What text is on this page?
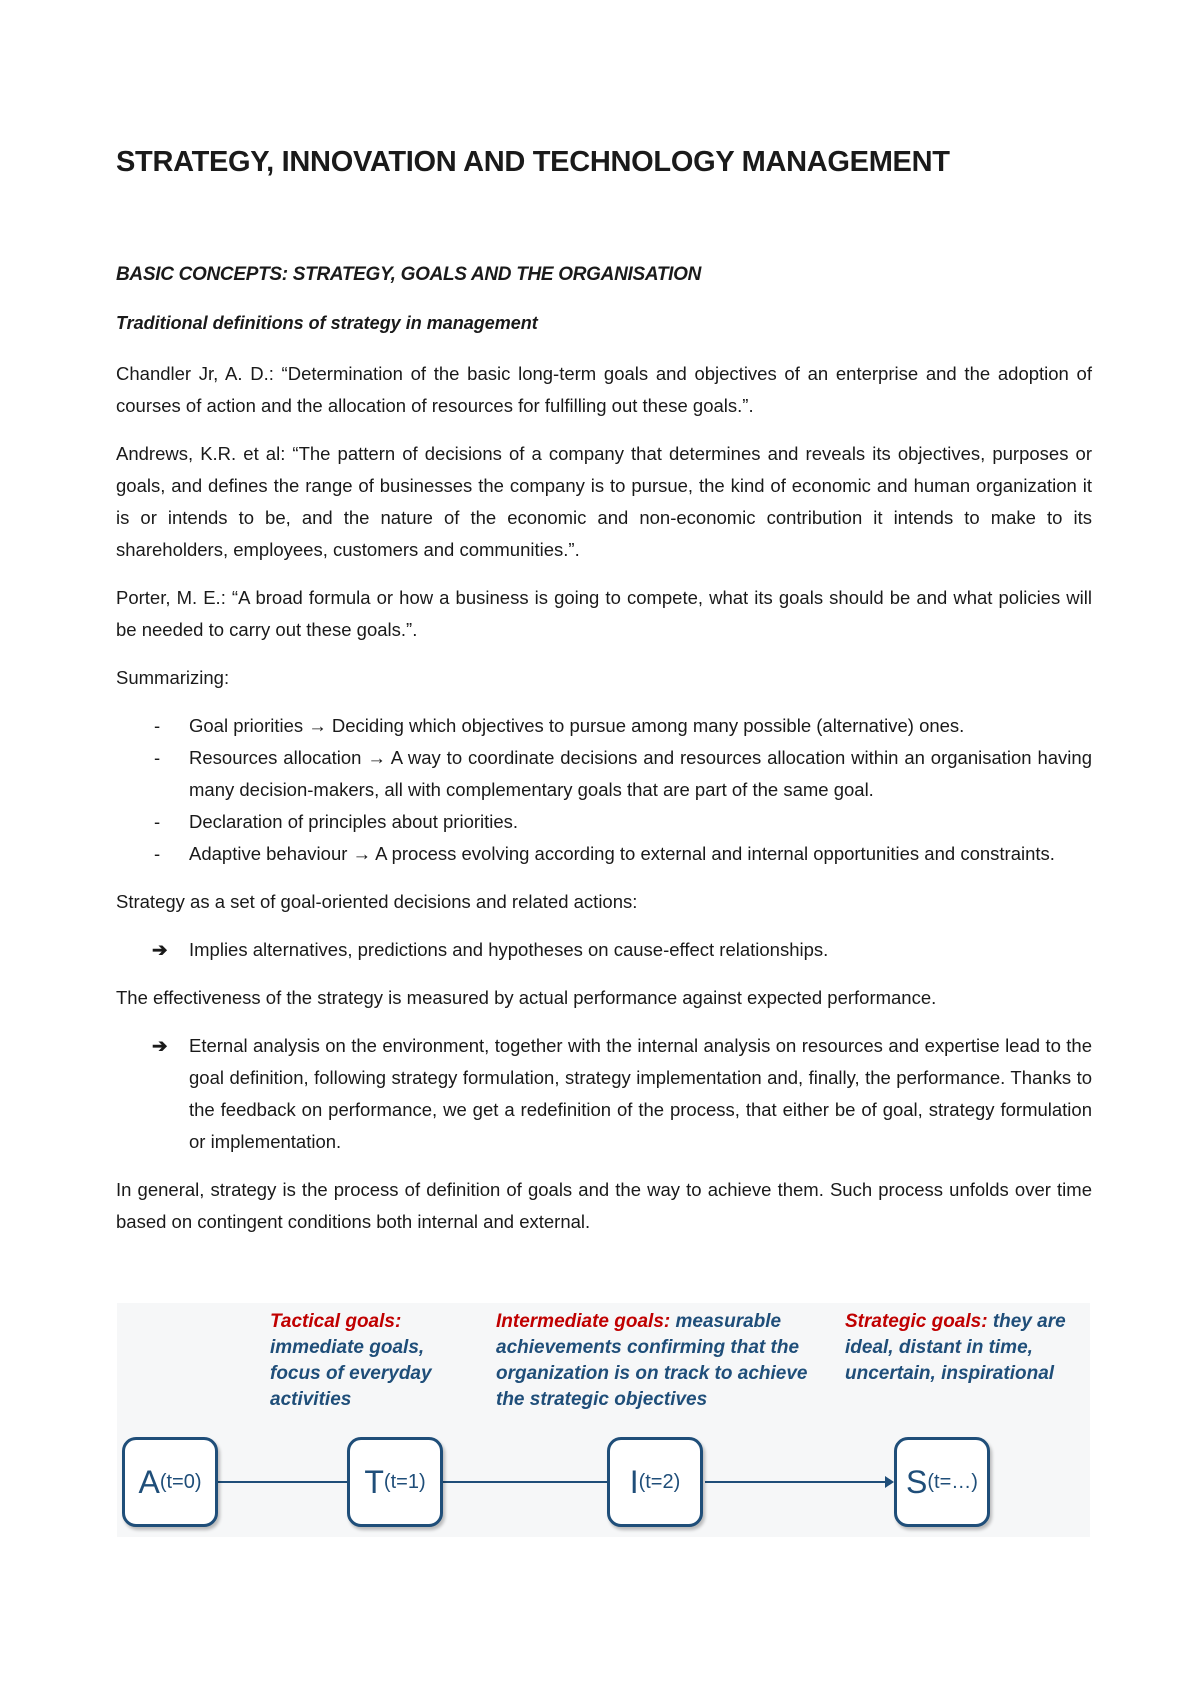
STRATEGY, INNOVATION AND TECHNOLOGY MANAGEMENT
BASIC CONCEPTS: STRATEGY, GOALS AND THE ORGANISATION
Traditional definitions of strategy in management

Chandler Jr, A. D.: “Determination of the basic long-term goals and objectives of an enterprise and the adoption of courses of action and the allocation of resources for fulfilling out these goals.”.

Andrews, K.R. et al: “The pattern of decisions of a company that determines and reveals its objectives, purposes or goals, and defines the range of businesses the company is to pursue, the kind of economic and human organization it is or intends to be, and the nature of the economic and non-economic contribution it intends to make to its shareholders, employees, customers and communities.”.

Porter, M. E.: “A broad formula or how a business is going to compete, what its goals should be and what policies will be needed to carry out these goals.”.

Summarizing:

- Goal priorities → Deciding which objectives to pursue among many possible (alternative) ones.
- Resources allocation → A way to coordinate decisions and resources allocation within an organisation having many decision-makers, all with complementary goals that are part of the same goal.
- Declaration of principles about priorities.
- Adaptive behaviour → A process evolving according to external and internal opportunities and constraints.

Strategy as a set of goal-oriented decisions and related actions:

➔ Implies alternatives, predictions and hypotheses on cause-effect relationships.

The effectiveness of the strategy is measured by actual performance against expected performance.

➔ Eternal analysis on the environment, together with the internal analysis on resources and expertise lead to the goal definition, following strategy formulation, strategy implementation and, finally, the performance. Thanks to the feedback on performance, we get a redefinition of the process, that either be of goal, strategy formulation or implementation.

In general, strategy is the process of definition of goals and the way to achieve them. Such process unfolds over time based on contingent conditions both internal and external.

Tactical goals:
immediate goals, focus of everyday activities
Intermediate goals: measurable achievements confirming that the organization is on track to achieve the strategic objectives
Strategic goals: they are ideal, distant in time, uncertain, inspirational
A (t=0)	T (t=1)	I (t=2)	S (t=…)
